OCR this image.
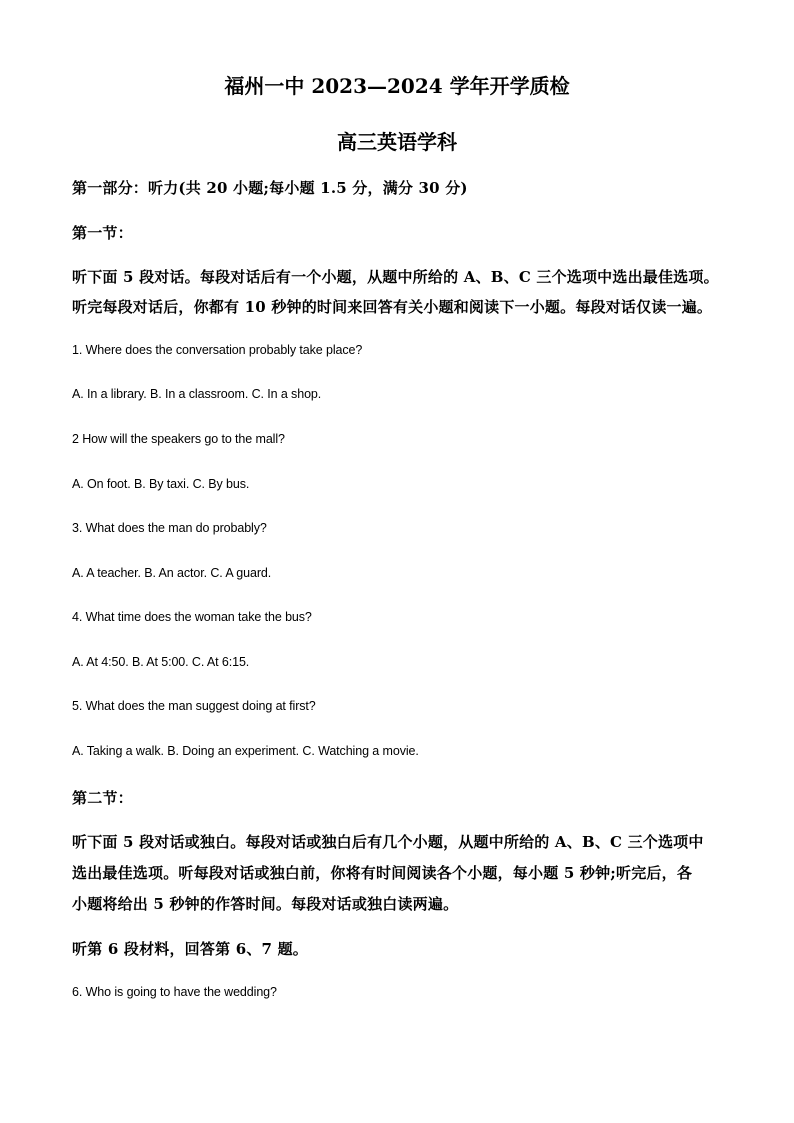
福州一中 2023—2024 学年开学质检
高三英语学科
第一部分：听力(共 20 小题;每小题 1.5 分，满分 30 分)
第一节：
听下面 5 段对话。每段对话后有一个小题，从题中所给的 A、B、C 三个选项中选出最佳选项。
听完每段对话后，你都有 10 秒钟的时间来回答有关小题和阅读下一小题。每段对话仅读一遍。
1. Where does the conversation probably take place?
A. In a library. B. In a classroom. C. In a shop.
2 How will the speakers go to the mall?
A. On foot. B. By taxi. C. By bus.
3. What does the man do probably?
A. A teacher. B. An actor. C. A guard.
4. What time does the woman take the bus?
A. At 4:50. B. At 5:00. C. At 6:15.
5. What does the man suggest doing at first?
A. Taking a walk. B. Doing an experiment. C. Watching a movie.
第二节：
听下面 5 段对话或独白。每段对话或独白后有几个小题，从题中所给的 A、B、C 三个选项中
选出最佳选项。听每段对话或独白前，你将有时间阅读各个小题，每小题 5 秒钟;听完后，各
小题将给出 5 秒钟的作答时间。每段对话或独白读两遍。
听第 6 段材料，回答第 6、7 题。
6. Who is going to have the wedding?
